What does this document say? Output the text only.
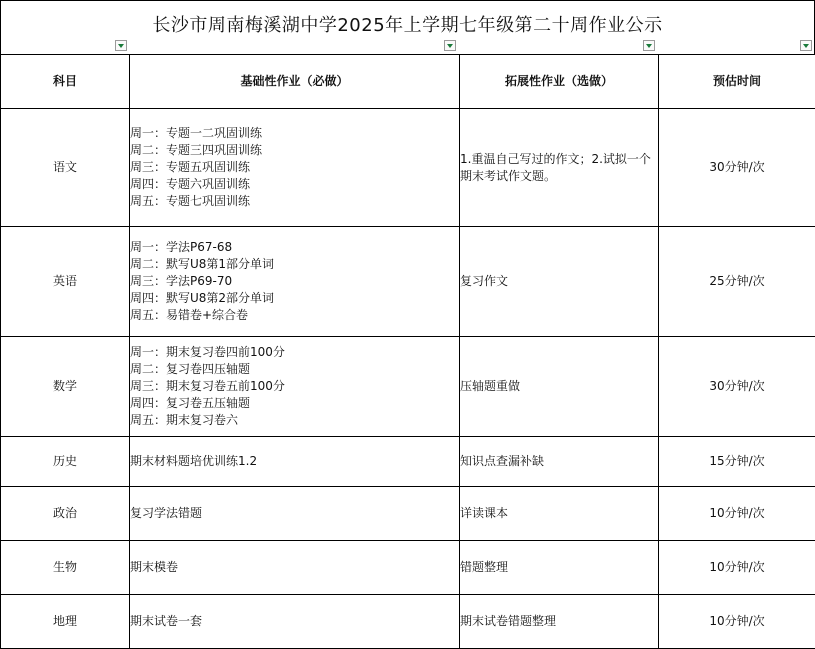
长沙市周南梅溪湖中学2025年上学期七年级第二十周作业公示
科目	基础性作业（必做）	拓展性作业（选做）	预估时间
语文	周一：专题一二巩固训练
周二：专题三四巩固训练
周三：专题五巩固训练
周四：专题六巩固训练
周五：专题七巩固训练	1.重温自己写过的作文；2.试拟一个期末考试作文题。	30分钟/次
英语	周一：学法P67-68
周二：默写U8第1部分单词
周三：学法P69-70
周四：默写U8第2部分单词
周五：易错卷+综合卷	复习作文	25分钟/次
数学	周一：期末复习卷四前100分
周二：复习卷四压轴题
周三：期末复习卷五前100分
周四：复习卷五压轴题
周五：期末复习卷六	压轴题重做	30分钟/次
历史	期末材料题培优训练1.2	知识点查漏补缺	15分钟/次
政治	复习学法错题	详读课本	10分钟/次
生物	期末模卷	错题整理	10分钟/次
地理	期末试卷一套	期末试卷错题整理	10分钟/次
